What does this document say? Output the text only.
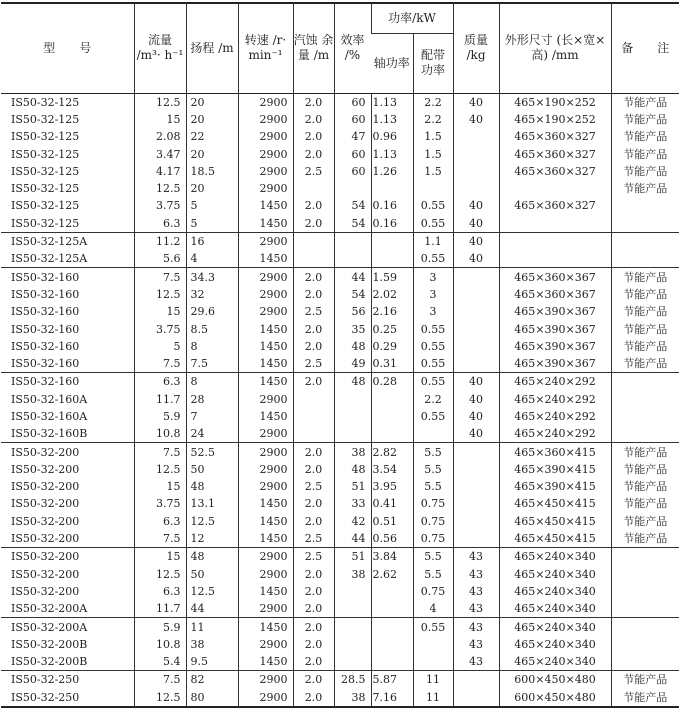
型　　号	流量 /m³· h⁻¹	扬程 /m	转速 /r· min⁻¹	汽蚀 余量 /m	效率 /%	功率/kW		质量 /kg	外形尺寸 (长×宽×高) /mm	备　　注
						轴功率	配带 功率			
IS50-32-125	12.5	20	2900	2.0	60	1.13	2.2	40	465×190×252	节能产品
IS50-32-125	15	20	2900	2.0	60	1.13	2.2	40	465×190×252	节能产品
IS50-32-125	2.08	22	2900	2.0	47	0.96	1.5		465×360×327	节能产品
IS50-32-125	3.47	20	2900	2.0	60	1.13	1.5		465×360×327	节能产品
IS50-32-125	4.17	18.5	2900	2.5	60	1.26	1.5		465×360×327	节能产品
IS50-32-125	12.5	20	2900							节能产品
IS50-32-125	3.75	5	1450	2.0	54	0.16	0.55	40	465×360×327	
IS50-32-125	6.3	5	1450	2.0	54	0.16	0.55	40		
IS50-32-125A	11.2	16	2900				1.1	40		
IS50-32-125A	5.6	4	1450				0.55	40		
IS50-32-160	7.5	34.3	2900	2.0	44	1.59	3		465×360×367	节能产品
IS50-32-160	12.5	32	2900	2.0	54	2.02	3		465×360×367	节能产品
IS50-32-160	15	29.6	2900	2.5	56	2.16	3		465×390×367	节能产品
IS50-32-160	3.75	8.5	1450	2.0	35	0.25	0.55		465×390×367	节能产品
IS50-32-160	5	8	1450	2.0	48	0.29	0.55		465×390×367	节能产品
IS50-32-160	7.5	7.5	1450	2.5	49	0.31	0.55		465×390×367	节能产品
IS50-32-160	6.3	8	1450	2.0	48	0.28	0.55	40	465×240×292	
IS50-32-160A	11.7	28	2900				2.2	40	465×240×292	
IS50-32-160A	5.9	7	1450				0.55	40	465×240×292	
IS50-32-160B	10.8	24	2900					40	465×240×292	
IS50-32-200	7.5	52.5	2900	2.0	38	2.82	5.5		465×360×415	节能产品
IS50-32-200	12.5	50	2900	2.0	48	3.54	5.5		465×390×415	节能产品
IS50-32-200	15	48	2900	2.5	51	3.95	5.5		465×390×415	节能产品
IS50-32-200	3.75	13.1	1450	2.0	33	0.41	0.75		465×450×415	节能产品
IS50-32-200	6.3	12.5	1450	2.0	42	0.51	0.75		465×450×415	节能产品
IS50-32-200	7.5	12	1450	2.5	44	0.56	0.75		465×450×415	节能产品
IS50-32-200	15	48	2900	2.5	51	3.84	5.5	43	465×240×340	
IS50-32-200	12.5	50	2900	2.0	38	2.62	5.5	43	465×240×340	
IS50-32-200	6.3	12.5	1450	2.0			0.75	43	465×240×340	
IS50-32-200A	11.7	44	2900	2.0			4	43	465×240×340	
IS50-32-200A	5.9	11	1450	2.0			0.55	43	465×240×340	
IS50-32-200B	10.8	38	2900	2.0				43	465×240×340	
IS50-32-200B	5.4	9.5	1450	2.0				43	465×240×340	
IS50-32-250	7.5	82	2900	2.0	28.5	5.87	11		600×450×480	节能产品
IS50-32-250	12.5	80	2900	2.0	38	7.16	11		600×450×480	节能产品
